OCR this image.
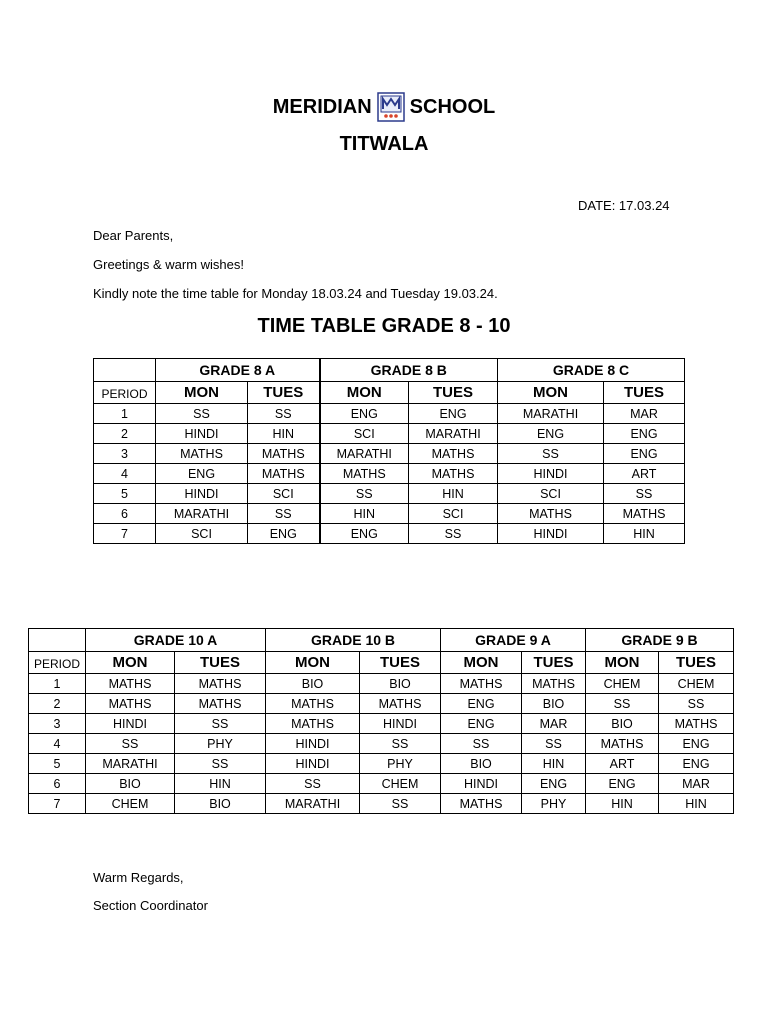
MERIDIAN SCHOOL
TITWALA
DATE: 17.03.24
Dear Parents,
Greetings & warm wishes!
Kindly note the time table for Monday 18.03.24 and Tuesday 19.03.24.
TIME TABLE GRADE 8 - 10
	GRADE 8 A		GRADE 8 B		GRADE 8 C	
PERIOD	MON	TUES	MON	TUES	MON	TUES
1	SS	SS	ENG	ENG	MARATHI	MAR
2	HINDI	HIN	SCI	MARATHI	ENG	ENG
3	MATHS	MATHS	MARATHI	MATHS	SS	ENG
4	ENG	MATHS	MATHS	MATHS	HINDI	ART
5	HINDI	SCI	SS	HIN	SCI	SS
6	MARATHI	SS	HIN	SCI	MATHS	MATHS
7	SCI	ENG	ENG	SS	HINDI	HIN
	GRADE 10 A		GRADE 10 B		GRADE 9 A		GRADE 9 B	
PERIOD	MON	TUES	MON	TUES	MON	TUES	MON	TUES
1	MATHS	MATHS	BIO	BIO	MATHS	MATHS	CHEM	CHEM
2	MATHS	MATHS	MATHS	MATHS	ENG	BIO	SS	SS
3	HINDI	SS	MATHS	HINDI	ENG	MAR	BIO	MATHS
4	SS	PHY	HINDI	SS	SS	SS	MATHS	ENG
5	MARATHI	SS	HINDI	PHY	BIO	HIN	ART	ENG
6	BIO	HIN	SS	CHEM	HINDI	ENG	ENG	MAR
7	CHEM	BIO	MARATHI	SS	MATHS	PHY	HIN	HIN
Warm Regards,
Section Coordinator
